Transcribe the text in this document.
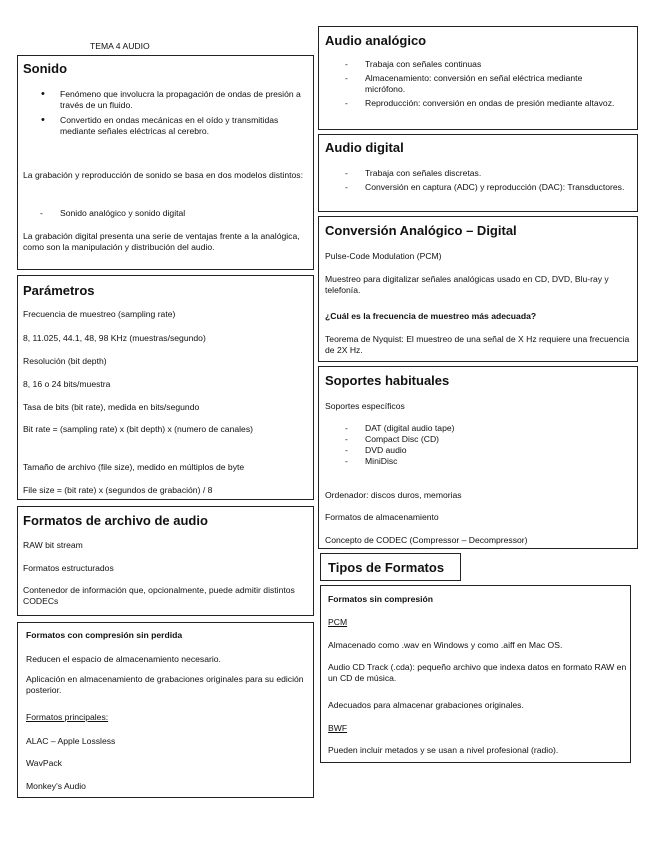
TEMA 4 AUDIO
Sonido
• Fenómeno que involucra la propagación de ondas de presión a través de un fluido.
• Convertido en ondas mecánicas en el oído y transmitidas mediante señales eléctricas al cerebro.
La grabación y reproducción de sonido se basa en dos modelos distintos:
- Sonido analógico y sonido digital
La grabación digital presenta una serie de ventajas frente a la analógica, como son la manipulación y distribución del audio.
Parámetros
Frecuencia de muestreo (sampling rate)
8, 11.025, 44.1, 48, 98 KHz (muestras/segundo)
Resolución (bit depth)
8, 16 o 24 bits/muestra
Tasa de bits (bit rate), medida en bits/segundo
Bit rate = (sampling rate) x (bit depth) x (numero de canales)
Tamaño de archivo (file size), medido en múltiplos de byte
File size = (bit rate) x (segundos de grabación) / 8
Formatos de archivo de audio
RAW bit stream
Formatos estructurados
Contenedor de información que, opcionalmente, puede admitir distintos CODECs
Formatos con compresión sin perdida
Reducen el espacio de almacenamiento necesario.
Aplicación en almacenamiento de grabaciones originales para su edición posterior.
Formatos principales:
ALAC – Apple Lossless
WavPack
Monkey's Audio
Audio analógico
- Trabaja con señales continuas
- Almacenamiento: conversión en señal eléctrica mediante micrófono.
- Reproducción: conversión en ondas de presión mediante altavoz.
Audio digital
- Trabaja con señales discretas.
- Conversión en captura (ADC) y reproducción (DAC): Transductores.
Conversión Analógico – Digital
Pulse-Code Modulation (PCM)
Muestreo para digitalizar señales analógicas usado en CD, DVD, Blu-ray y telefonía.
¿Cuál es la frecuencia de muestreo más adecuada?
Teorema de Nyquist: El muestreo de una señal de X Hz requiere una frecuencia de 2X Hz.
Soportes habituales
Soportes específicos
- DAT (digital audio tape)
- Compact Disc (CD)
- DVD audio
- MiniDisc
Ordenador: discos duros, memorias
Formatos de almacenamiento
Concepto de CODEC (Compressor – Decompressor)
Tipos de Formatos
Formatos sin compresión
PCM
Almacenado como .wav en Windows y como .aiff en Mac OS.
Audio CD Track (.cda): pequeño archivo que indexa datos en formato RAW en un CD de música.
Adecuados para almacenar grabaciones originales.
BWF
Pueden incluir metados y se usan a nivel profesional (radio).
